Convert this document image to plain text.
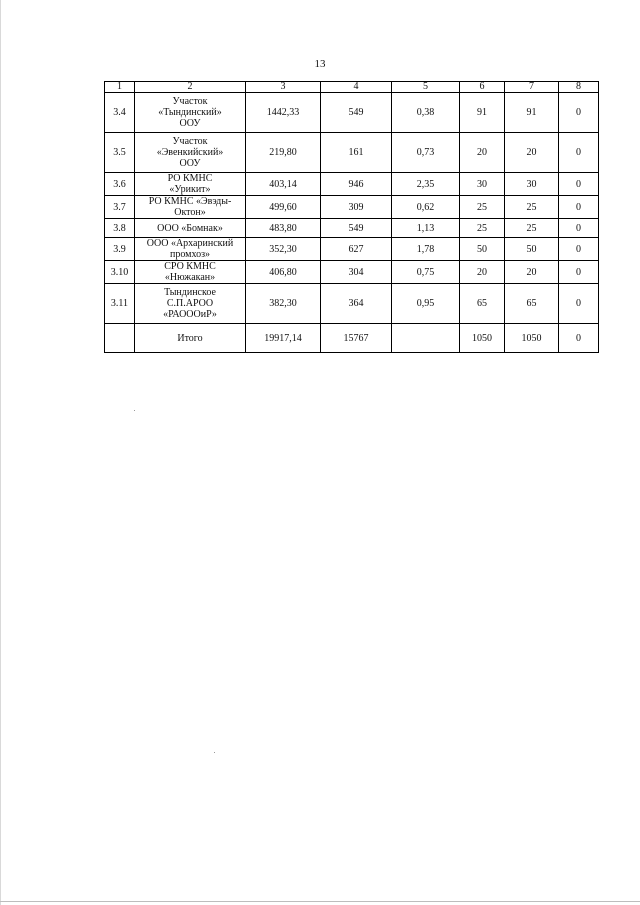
13
1	2	3	4	5	6	7	8
3.4	Участок
«Тындинский»
ООУ	1442,33	549	0,38	91	91	0
3.5	Участок
«Эвенкийский»
ООУ	219,80	161	0,73	20	20	0
3.6	РО КМНС
«Урикит»	403,14	946	2,35	30	30	0
3.7	РО КМНС «Эвэды-
Октон»	499,60	309	0,62	25	25	0
3.8	ООО «Бомнак»	483,80	549	1,13	25	25	0
3.9	ООО «Архаринский
промхоз»	352,30	627	1,78	50	50	0
3.10	СРО КМНС
«Нюжакан»	406,80	304	0,75	20	20	0
3.11	Тындинское
С.П.АРОО
«РАОООиР»	382,30	364	0,95	65	65	0
	Итого	19917,14	15767		1050	1050	0
